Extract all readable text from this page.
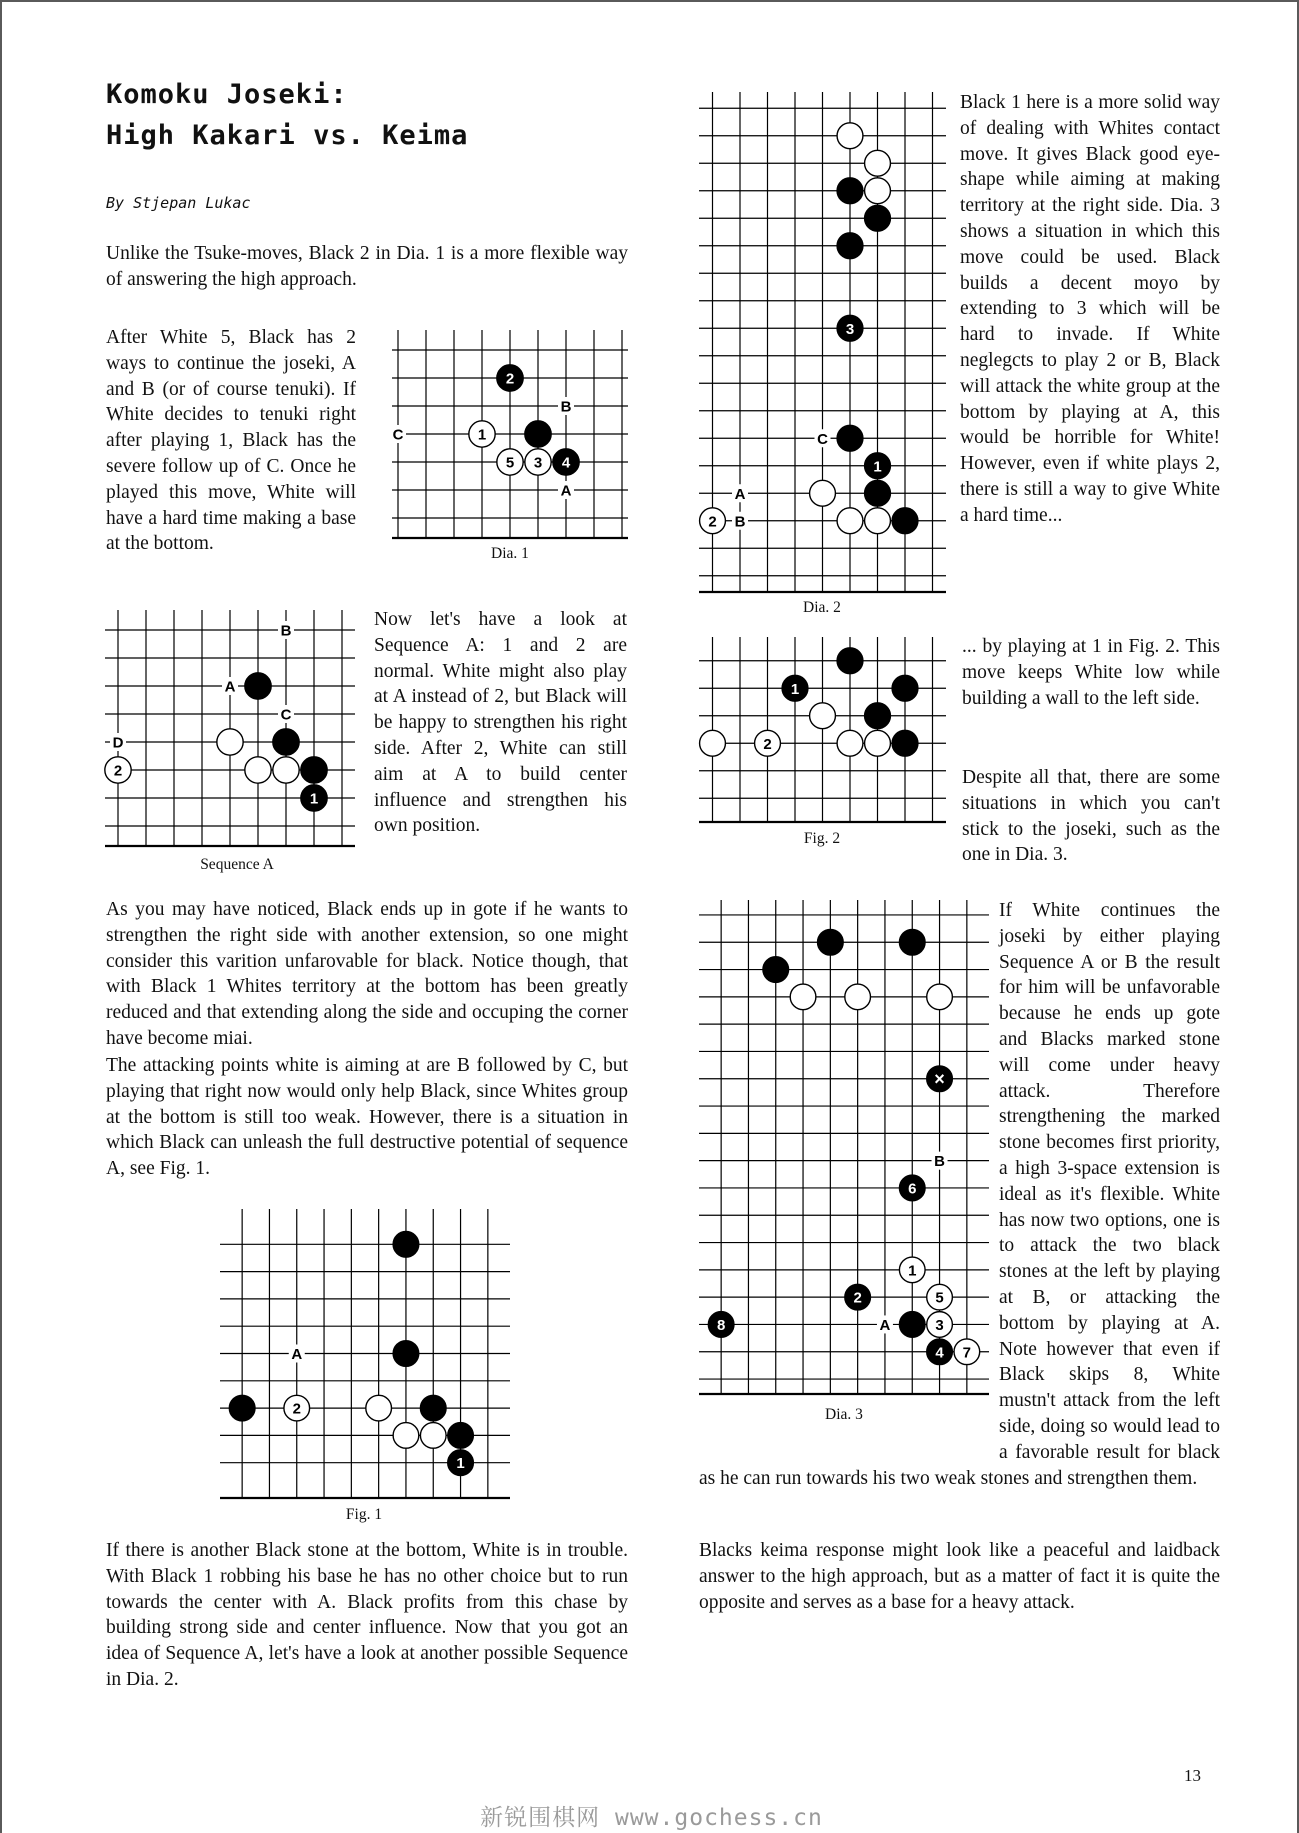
Komoku Joseki:
High Kakari vs. Keima

By Stjepan Lukac

Unlike the Tsuke-moves, Black 2 in Dia. 1 is a more flexible way of answering the high approach.

After White 5, Black has 2 ways to continue the joseki, A and B (or of course tenuki). If White decides to tenuki right after playing 1, Black has the severe follow up of C. Once he played this move, White will have a hard time making a base at the bottom.

C
B
A
1
2
3 4
5

Dia. 1

B
A
C
D
1
2

Sequence A

Now let's have a look at Sequence A: 1 and 2 are normal. White might also play at A instead of 2, but Black will be happy to strengthen his right side. After 2, White can still aim at A to build center influence and strengthen his own position.

As you may have noticed, Black ends up in gote if he wants to strengthen the right side with another extension, so one might consider this varition unfarovable for black. Notice though, that with Black 1 Whites territory at the bottom has been greatly reduced and that extending along the side and occuping the corner have become miai.

The attacking points white is aiming at are B followed by C, but playing that right now would only help Black, since Whites group at the bottom is still too weak. However, there is a situation in which Black can unleash the full destructive potential of sequence A, see Fig. 1.

A
1
2

Fig. 1

If there is another Black stone at the bottom, White is in trouble. With Black 1 robbing his base he has no other choice but to run towards the center with A. Black profits from this chase by building strong side and center influence. Now that you got an idea of Sequence A, let's have a look at another possible Sequence in Dia. 2.

C
A
B
1
2
3

Dia. 2

Black 1 here is a more solid way of dealing with Whites contact move. It gives Black good eye-shape while aiming at making territory at the right side. Dia. 3 shows a situation in which this move could be used. Black builds a decent moyo by extending to 3 which will be hard to invade. If White neglegcts to play 2 or B, Black will attack the white group at the bottom by playing at A, this would be horrible for White! However, even if white plays 2, there is still a way to give White a hard time...

1
2

Fig. 2

... by playing at 1 in Fig. 2. This move keeps White low while building a wall to the left side.

Despite all that, there are some situations in which you can't stick to the joseki, such as the one in Dia. 3.

B
A
1
2
3
4
5
6
7
8
×

Dia. 3

If White continues the joseki by either playing Sequence A or B the result for him will be unfavorable because he ends up gote and Blacks marked stone will come under heavy attack. Therefore strengthening the marked stone becomes first priority, a high 3-space extension is ideal as it's flexible. White has now two options, one is to attack the two black stones at the left by playing at B, or attacking the bottom by playing at A. Note however that even if Black skips 8, White mustn't attack from the left side, doing so would lead to a favorable result for black as he can run towards his two weak stones and strengthen them.

Blacks keima response might look like a peaceful and laidback answer to the high approach, but as a matter of fact it is quite the opposite and serves as a base for a heavy attack.

13
新锐围棋网 www.gochess.cn
